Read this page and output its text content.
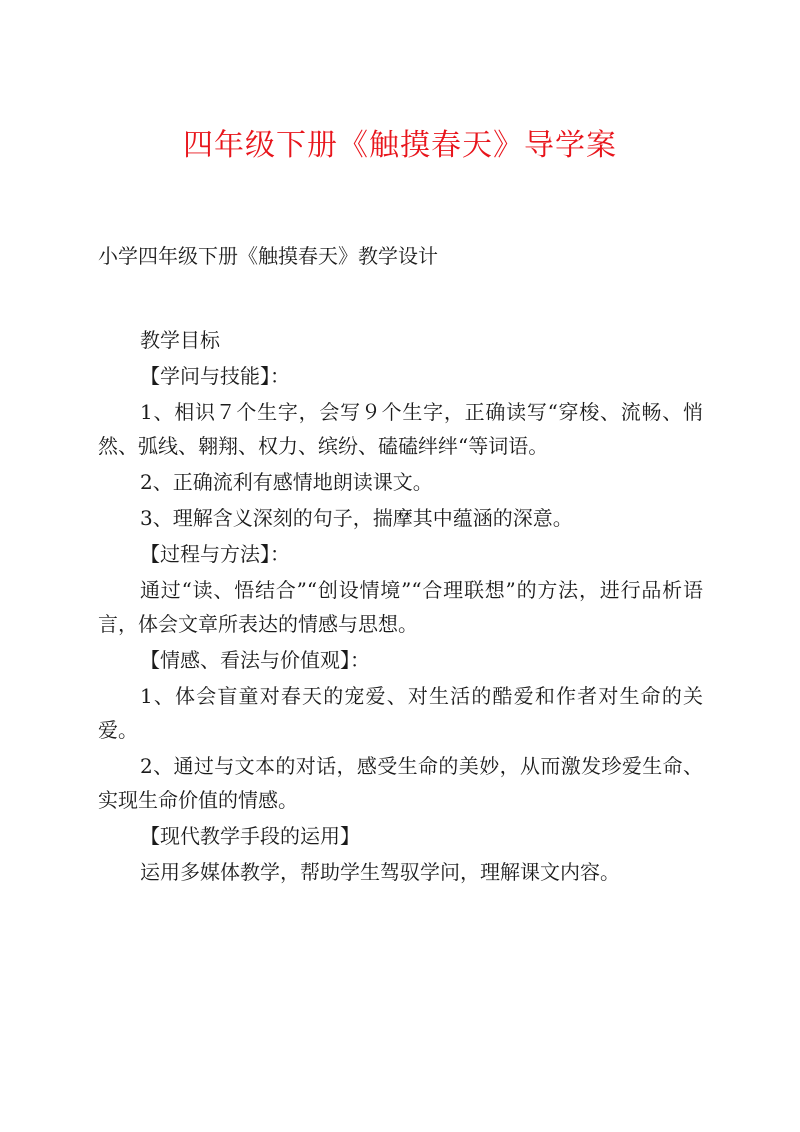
四年级下册《触摸春天》导学案
小学四年级下册《触摸春天》教学设计

教学目标

【学问与技能】：

1、相识７个生字，会写９个生字，正确读写“穿梭、流畅、悄然、弧线、翱翔、权力、缤纷、磕磕绊绊“等词语。

2、正确流利有感情地朗读课文。

3、理解含义深刻的句子，揣摩其中蕴涵的深意。

【过程与方法】：

通过“读、悟结合”“创设情境”“合理联想”的方法，进行品析语言，体会文章所表达的情感与思想。

【情感、看法与价值观】：

1、体会盲童对春天的宠爱、对生活的酷爱和作者对生命的关爱。

2、通过与文本的对话，感受生命的美妙，从而激发珍爱生命、实现生命价值的情感。

【现代教学手段的运用】

运用多媒体教学，帮助学生驾驭学问，理解课文内容。
